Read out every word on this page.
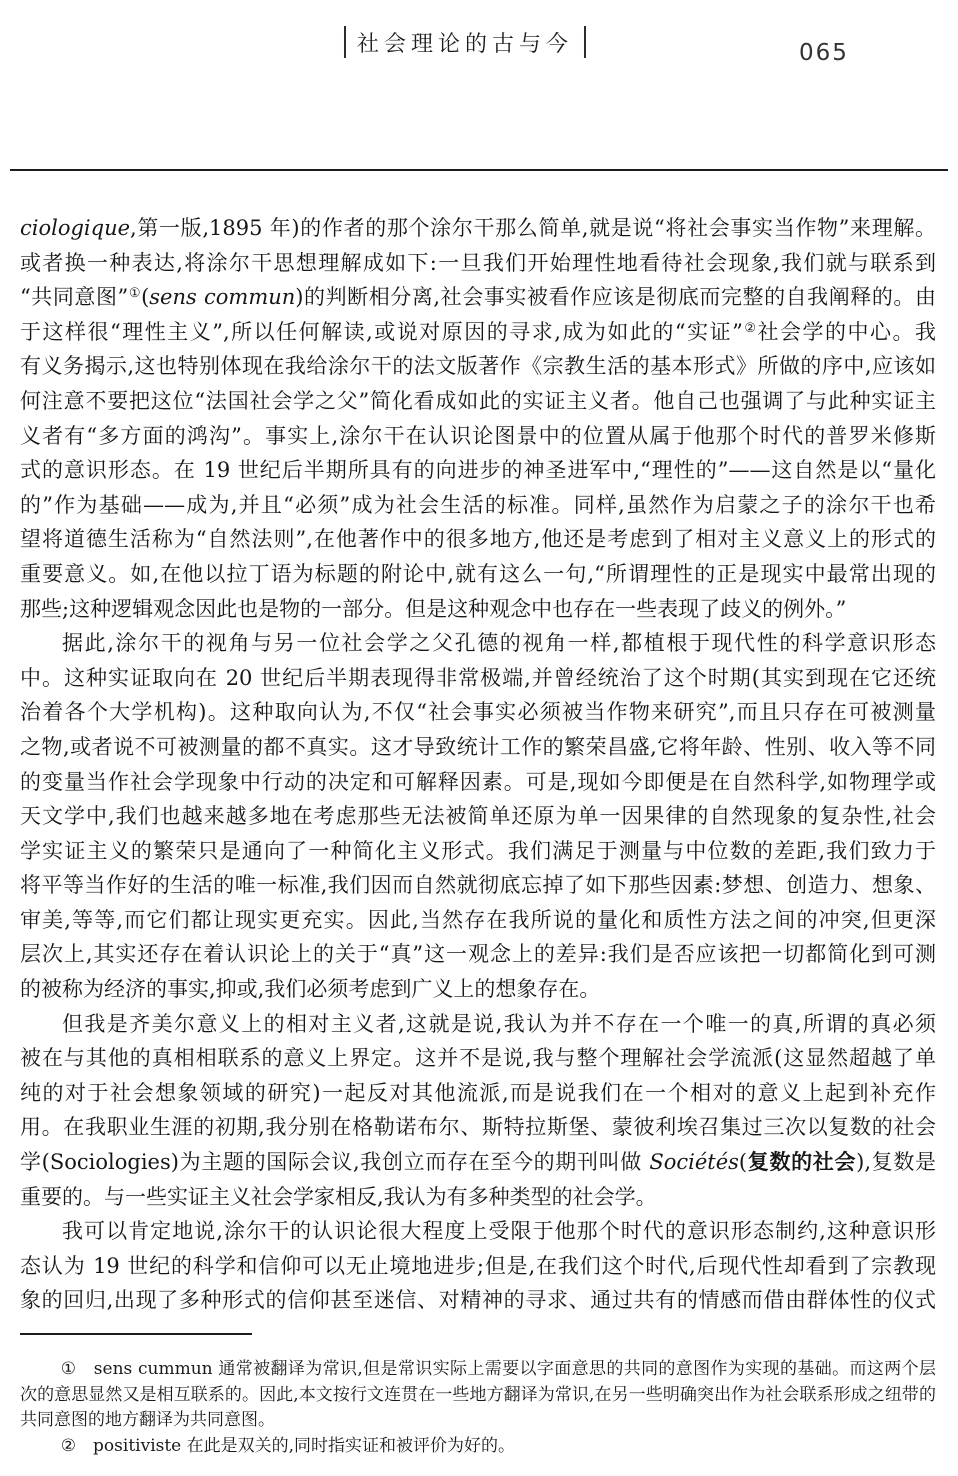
社会理论的古与今	065
ciologique,第一版,1895 年)的作者的那个涂尔干那么简单,就是说“将社会事实当作物”来理解。
或者换一种表达,将涂尔干思想理解成如下:一旦我们开始理性地看待社会现象,我们就与联系到
“共同意图”①(sens commun)的判断相分离,社会事实被看作应该是彻底而完整的自我阐释的。由
于这样很“理性主义”,所以任何解读,或说对原因的寻求,成为如此的“实证”②社会学的中心。我
有义务揭示,这也特别体现在我给涂尔干的法文版著作《宗教生活的基本形式》所做的序中,应该如
何注意不要把这位“法国社会学之父”简化看成如此的实证主义者。他自己也强调了与此种实证主
义者有“多方面的鸿沟”。事实上,涂尔干在认识论图景中的位置从属于他那个时代的普罗米修斯
式的意识形态。在 19 世纪后半期所具有的向进步的神圣进军中,“理性的”——这自然是以“量化
的”作为基础——成为,并且“必须”成为社会生活的标准。同样,虽然作为启蒙之子的涂尔干也希
望将道德生活称为“自然法则”,在他著作中的很多地方,他还是考虑到了相对主义意义上的形式的
重要意义。如,在他以拉丁语为标题的附论中,就有这么一句,“所谓理性的正是现实中最常出现的
那些;这种逻辑观念因此也是物的一部分。但是这种观念中也存在一些表现了歧义的例外。”
据此,涂尔干的视角与另一位社会学之父孔德的视角一样,都植根于现代性的科学意识形态
中。这种实证取向在 20 世纪后半期表现得非常极端,并曾经统治了这个时期(其实到现在它还统
治着各个大学机构)。这种取向认为,不仅“社会事实必须被当作物来研究”,而且只存在可被测量
之物,或者说不可被测量的都不真实。这才导致统计工作的繁荣昌盛,它将年龄、性别、收入等不同
的变量当作社会学现象中行动的决定和可解释因素。可是,现如今即便是在自然科学,如物理学或
天文学中,我们也越来越多地在考虑那些无法被简单还原为单一因果律的自然现象的复杂性,社会
学实证主义的繁荣只是通向了一种简化主义形式。我们满足于测量与中位数的差距,我们致力于
将平等当作好的生活的唯一标准,我们因而自然就彻底忘掉了如下那些因素:梦想、创造力、想象、
审美,等等,而它们都让现实更充实。因此,当然存在我所说的量化和质性方法之间的冲突,但更深
层次上,其实还存在着认识论上的关于“真”这一观念上的差异:我们是否应该把一切都简化到可测
的被称为经济的事实,抑或,我们必须考虑到广义上的想象存在。
但我是齐美尔意义上的相对主义者,这就是说,我认为并不存在一个唯一的真,所谓的真必须
被在与其他的真相相联系的意义上界定。这并不是说,我与整个理解社会学流派(这显然超越了单
纯的对于社会想象领域的研究)一起反对其他流派,而是说我们在一个相对的意义上起到补充作
用。在我职业生涯的初期,我分别在格勒诺布尔、斯特拉斯堡、蒙彼利埃召集过三次以复数的社会
学(Sociologies)为主题的国际会议,我创立而存在至今的期刊叫做 Sociétés(复数的社会),复数是
重要的。与一些实证主义社会学家相反,我认为有多种类型的社会学。
我可以肯定地说,涂尔干的认识论很大程度上受限于他那个时代的意识形态制约,这种意识形
态认为 19 世纪的科学和信仰可以无止境地进步;但是,在我们这个时代,后现代性却看到了宗教现
象的回归,出现了多种形式的信仰甚至迷信、对精神的寻求、通过共有的情感而借由群体性的仪式
①　sens cummun 通常被翻译为常识,但是常识实际上需要以字面意思的共同的意图作为实现的基础。而这两个层次的意思显然又是相互联系的。因此,本文按行文连贯在一些地方翻译为常识,在另一些明确突出作为社会联系形成之纽带的共同意图的地方翻译为共同意图。
②　positiviste 在此是双关的,同时指实证和被评价为好的。
